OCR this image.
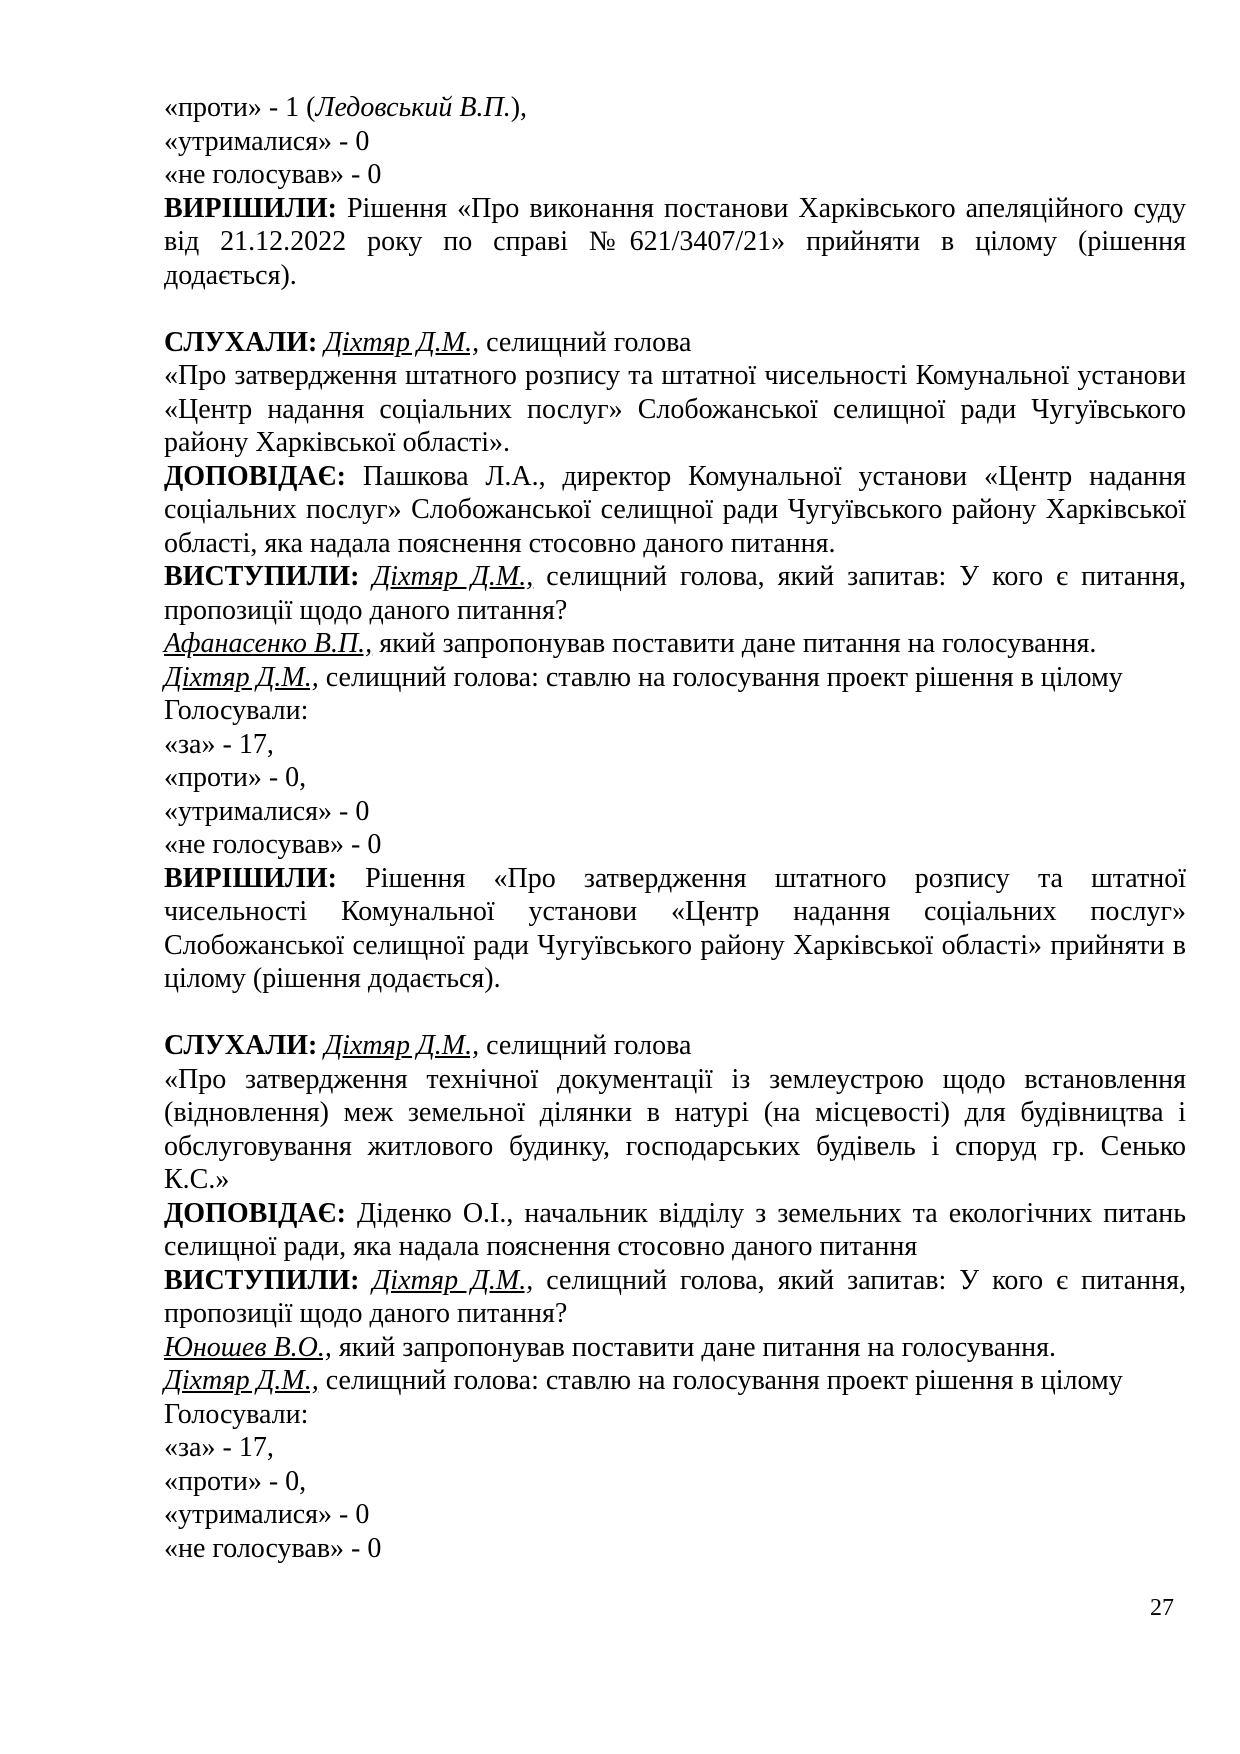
«проти» - 1 (Ледовський В.П.),

«утрималися» - 0

«не голосував» - 0

ВИРІШИЛИ: Рішення «Про виконання постанови Харківського апеляційного суду від 21.12.2022 року по справі №621/3407/21» прийняти в цілому (рішення додається).

СЛУХАЛИ: Діхтяр Д.М., селищний голова

«Про затвердження штатного розпису та штатної чисельності Комунальної установи «Центр надання соціальних послуг» Слобожанської селищної ради Чугуївського району Харківської області».

ДОПОВІДАЄ: Пашкова Л.А., директор Комунальної установи «Центр надання соціальних послуг» Слобожанської селищної ради Чугуївського району Харківської області, яка надала пояснення стосовно даного питання.

ВИСТУПИЛИ: Діхтяр Д.М., селищний голова, який запитав: У кого є питання, пропозиції щодо даного питання?

Афанасенко В.П., який запропонував поставити дане питання на голосування.

Діхтяр Д.М., селищний голова: ставлю на голосування проект рішення в цілому

Голосували:

«за» - 17,

«проти» - 0,

«утрималися» - 0

«не голосував» - 0

ВИРІШИЛИ: Рішення «Про затвердження штатного розпису та штатної чисельності Комунальної установи «Центр надання соціальних послуг» Слобожанської селищної ради Чугуївського району Харківської області» прийняти в цілому (рішення додається).

СЛУХАЛИ: Діхтяр Д.М., селищний голова

«Про затвердження технічної документації із землеустрою щодо встановлення (відновлення) меж земельної ділянки в натурі (на місцевості) для будівництва і обслуговування житлового будинку, господарських будівель і споруд гр. Сенько К.С.»

ДОПОВІДАЄ: Діденко О.І., начальник відділу з земельних та екологічних питань селищної ради, яка надала пояснення стосовно даного питання

ВИСТУПИЛИ: Діхтяр Д.М., селищний голова, який запитав: У кого є питання, пропозиції щодо даного питання?

Юношев В.О., який запропонував поставити дане питання на голосування.

Діхтяр Д.М., селищний голова: ставлю на голосування проект рішення в цілому

Голосували:

«за» - 17,

«проти» - 0,

«утрималися» - 0

«не голосував» - 0

27
